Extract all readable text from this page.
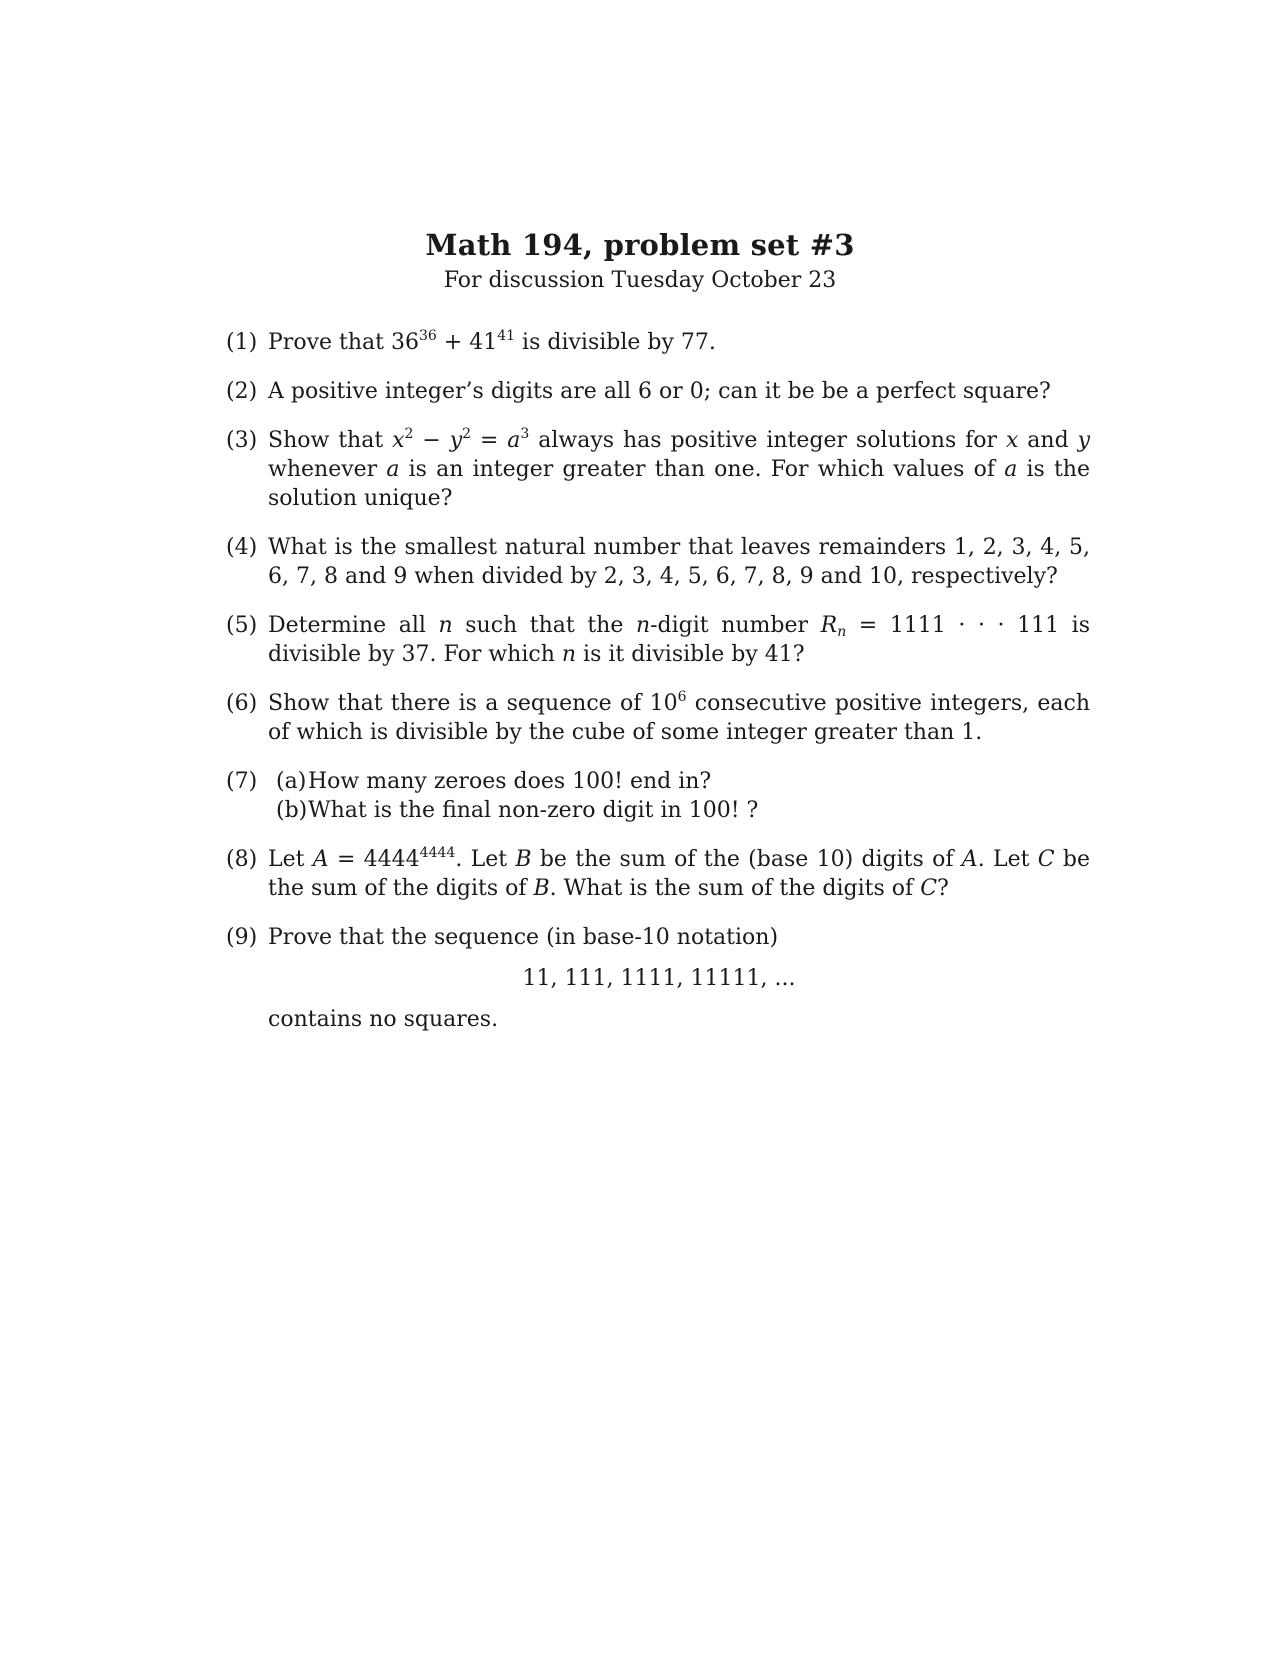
Math 194, problem set #3
For discussion Tuesday October 23
(1) Prove that $36^{36} + 41^{41}$ is divisible by 77.
(2) A positive integer’s digits are all 6 or 0; can it be be a perfect square?
(3) Show that $x^2 - y^2 = a^3$ always has positive integer solutions for x and y whenever a is an integer greater than one. For which values of a is the solution unique?
(4) What is the smallest natural number that leaves remainders 1, 2, 3, 4, 5, 6, 7, 8 and 9 when divided by 2, 3, 4, 5, 6, 7, 8, 9 and 10, respectively?
(5) Determine all n such that the n-digit number $R_n = 1111$ · · · 111 is divisible by 37. For which n is it divisible by 41?
(6) Show that there is a sequence of $10^6$ consecutive positive integers, each of which is divisible by the cube of some integer greater than 1.
(7) (a) How many zeroes does 100! end in?
(b) What is the final non-zero digit in 100! ?
(8) Let $A = 4444^{4444}$. Let B be the sum of the (base 10) digits of A. Let C be the sum of the digits of B. What is the sum of the digits of C?
(9) Prove that the sequence (in base-10 notation)
11, 111, 1111, 11111, ...
contains no squares.
